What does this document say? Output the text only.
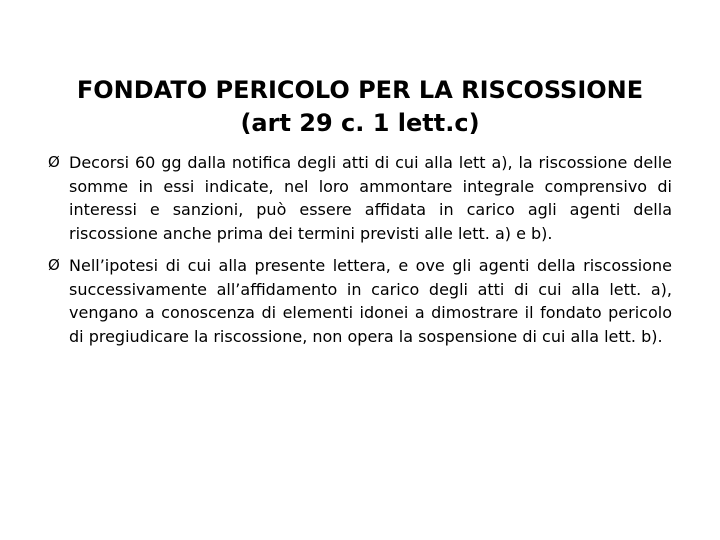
FONDATO PERICOLO PER LA RISCOSSIONE
(art 29 c. 1 lett.c)
Ø Decorsi 60 gg dalla notifica degli atti di cui alla lett a), la riscossione delle somme in essi indicate, nel loro ammontare integrale comprensivo di interessi e sanzioni, può essere affidata in carico agli agenti della riscossione anche prima dei termini previsti alle lett. a) e b).
Ø Nell’ipotesi di cui alla presente lettera, e ove gli agenti della riscossione successivamente all’affidamento in carico degli atti di cui alla lett. a), vengano a conoscenza di elementi idonei a dimostrare il fondato pericolo di pregiudicare la riscossione, non opera la sospensione di cui alla lett. b).
